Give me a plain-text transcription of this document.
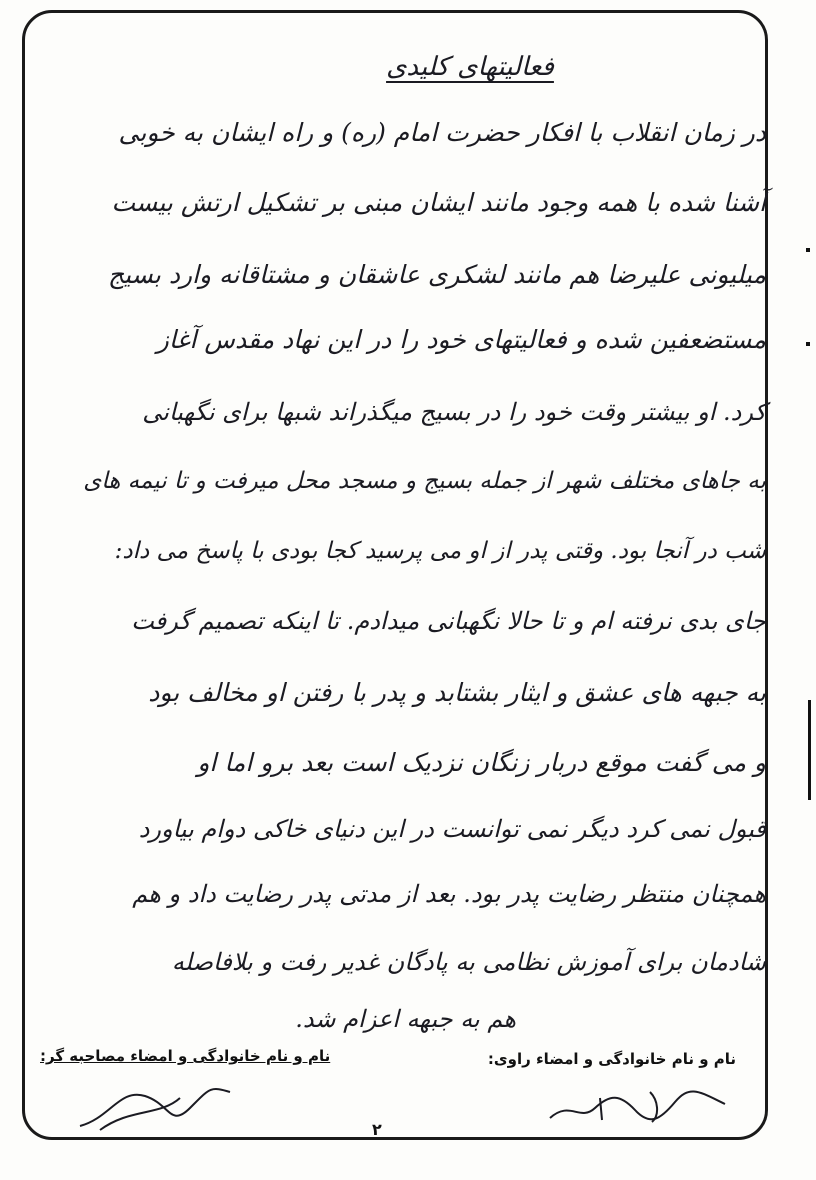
فعالیتهای کلیدی
در زمان انقلاب با افکار حضرت امام (ره) و راه ایشان به خوبی
آشنا شده با همه وجود مانند ایشان مبنی بر تشکیل ارتش بیست
میلیونی علیرضا هم مانند لشکری عاشقان و مشتاقانه وارد بسیج
مستضعفین شده و فعالیتهای خود را در این نهاد مقدس آغاز
کرد. او بیشتر وقت خود را در بسیج میگذراند شبها برای نگهبانی
به جاهای مختلف شهر از جمله بسیج و مسجد محل میرفت و تا نیمه های
شب در آنجا بود. وقتی پدر از او می پرسید کجا بودی با پاسخ می داد:
جای بدی نرفته ام و تا حالا نگهبانی میدادم. تا اینکه تصمیم گرفت
به جبهه های عشق و ایثار بشتابد و پدر با رفتن او مخالف بود
و می گفت موقع دربار زنگان نزدیک است بعد برو اما او
قبول نمی کرد دیگر نمی توانست در این دنیای خاکی دوام بیاورد
همچنان منتظر رضایت پدر بود. بعد از مدتی پدر رضایت داد و هم
شادمان برای آموزش نظامی به پادگان غدیر رفت و بلافاصله
هم به جبهه اعزام شد.
نام و نام خانوادگی و امضاء راوی:
نام و نام خانوادگی و امضاء مصاحبه گر:
۲
